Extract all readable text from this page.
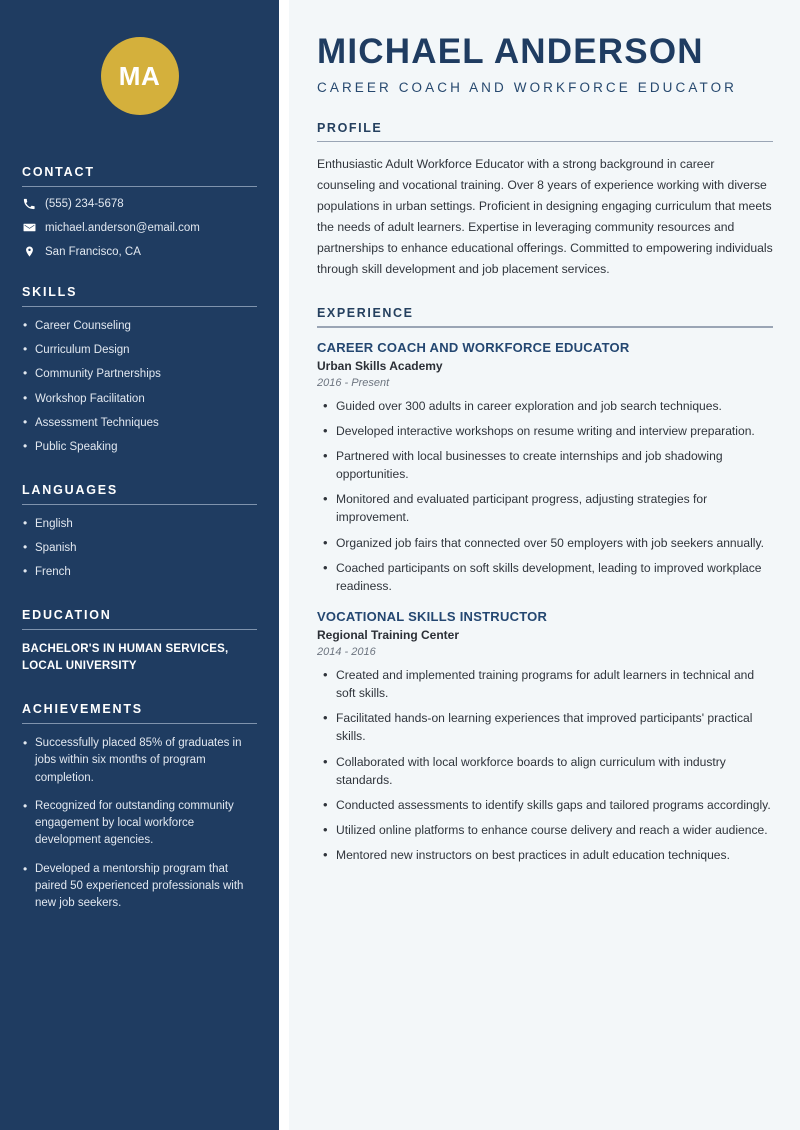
MA
CONTACT
(555) 234-5678
michael.anderson@email.com
San Francisco, CA
SKILLS
• Career Counseling
• Curriculum Design
• Community Partnerships
• Workshop Facilitation
• Assessment Techniques
• Public Speaking
LANGUAGES
• English
• Spanish
• French
EDUCATION
BACHELOR'S IN HUMAN SERVICES, LOCAL UNIVERSITY
ACHIEVEMENTS
• Successfully placed 85% of graduates in jobs within six months of program completion.
• Recognized for outstanding community engagement by local workforce development agencies.
• Developed a mentorship program that paired 50 experienced professionals with new job seekers.
MICHAEL ANDERSON
CAREER COACH AND WORKFORCE EDUCATOR
PROFILE

Enthusiastic Adult Workforce Educator with a strong background in career counseling and vocational training. Over 8 years of experience working with diverse populations in urban settings. Proficient in designing engaging curriculum that meets the needs of adult learners. Expertise in leveraging community resources and partnerships to enhance educational offerings. Committed to empowering individuals through skill development and job placement services.

EXPERIENCE
CAREER COACH AND WORKFORCE EDUCATOR
Urban Skills Academy
2016 - Present
• Guided over 300 adults in career exploration and job search techniques.
• Developed interactive workshops on resume writing and interview preparation.
• Partnered with local businesses to create internships and job shadowing opportunities.
• Monitored and evaluated participant progress, adjusting strategies for improvement.
• Organized job fairs that connected over 50 employers with job seekers annually.
• Coached participants on soft skills development, leading to improved workplace readiness.
VOCATIONAL SKILLS INSTRUCTOR
Regional Training Center
2014 - 2016
• Created and implemented training programs for adult learners in technical and soft skills.
• Facilitated hands-on learning experiences that improved participants' practical skills.
• Collaborated with local workforce boards to align curriculum with industry standards.
• Conducted assessments to identify skills gaps and tailored programs accordingly.
• Utilized online platforms to enhance course delivery and reach a wider audience.
• Mentored new instructors on best practices in adult education techniques.
